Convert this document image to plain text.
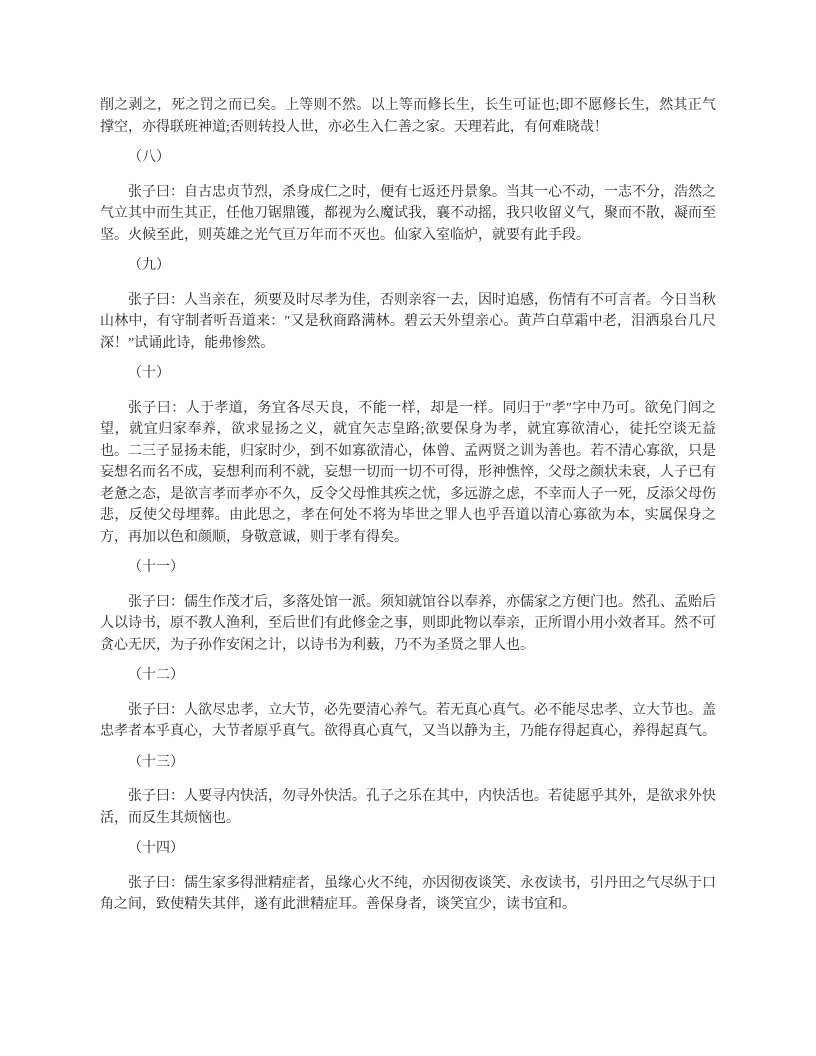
削之剥之，死之罚之而已矣。上等则不然。以上等而修长生，长生可证也;即不愿修长生，然其正气撑空，亦得联班神道;否则转投人世，亦必生入仁善之家。天理若此，有何难晓哉！

（八）

张子曰：自古忠贞节烈，杀身成仁之时，便有七返还丹景象。当其一心不动，一志不分，浩然之气立其中而生其正，任他刀锯鼎镬，都视为么魔试我，襄不动摇，我只收留义气，聚而不散，凝而至坚。火候至此，则英雄之光气亘万年而不灭也。仙家入室临炉，就要有此手段。

（九）

张子曰：人当亲在，须要及时尽孝为佳，否则亲容一去，因时追感，伤情有不可言者。今日当秋山林中，有守制者听吾道来：″又是秋商路满林。碧云天外望亲心。黄芦白草霜中老，泪洒泉台几尺深！”试诵此诗，能弗惨然。

（十）

张子曰：人于孝道，务宜各尽天良，不能一样，却是一样。同归于″孝″字中乃可。欲免门闾之望，就宜归家奉养，欲求显扬之义，就宜矢志皇路;欲要保身为孝，就宜寡欲清心，徒托空谈无益也。二三子显扬未能，归家时少，到不如寡欲清心，体曾、孟两贤之训为善也。若不清心寡欲，只是妄想名而名不成，妄想利而利不就，妄想一切而一切不可得，形神憔悴，父母之颜状未衰，人子已有老惫之态，是欲言孝而孝亦不久，反令父母惟其疾之忧，多远游之虑，不幸而人子一死，反添父母伤悲，反使父母埋葬。由此思之，孝在何处不将为毕世之罪人也乎吾道以清心寡欲为本，实属保身之方，再加以色和颜顺，身敬意诚，则于孝有得矣。

（十一）

张子曰：儒生作茂才后，多落处馆一派。须知就馆谷以奉养，亦儒家之方便门也。然孔、孟贻后人以诗书，原不教人渔利，至后世们有此修金之事，则即此物以奉亲，正所谓小用小效者耳。然不可贪心无厌，为子孙作安闲之计，以诗书为利薮，乃不为圣贤之罪人也。

（十二）

张子曰：人欲尽忠孝，立大节，必先要清心养气。若无真心真气。必不能尽忠孝、立大节也。盖忠孝者本乎真心，大节者原乎真气。欲得真心真气，又当以静为主，乃能存得起真心，养得起真气。

（十三）

张子曰：人要寻内快活，勿寻外快活。孔子之乐在其中，内快活也。若徒愿乎其外，是欲求外快活，而反生其烦恼也。

（十四）

张子曰：儒生家多得泄精症者，虽缘心火不纯，亦因彻夜谈笑、永夜读书，引丹田之气尽纵于口角之间，致使精失其伴，遂有此泄精症耳。善保身者，谈笑宜少，读书宜和。
